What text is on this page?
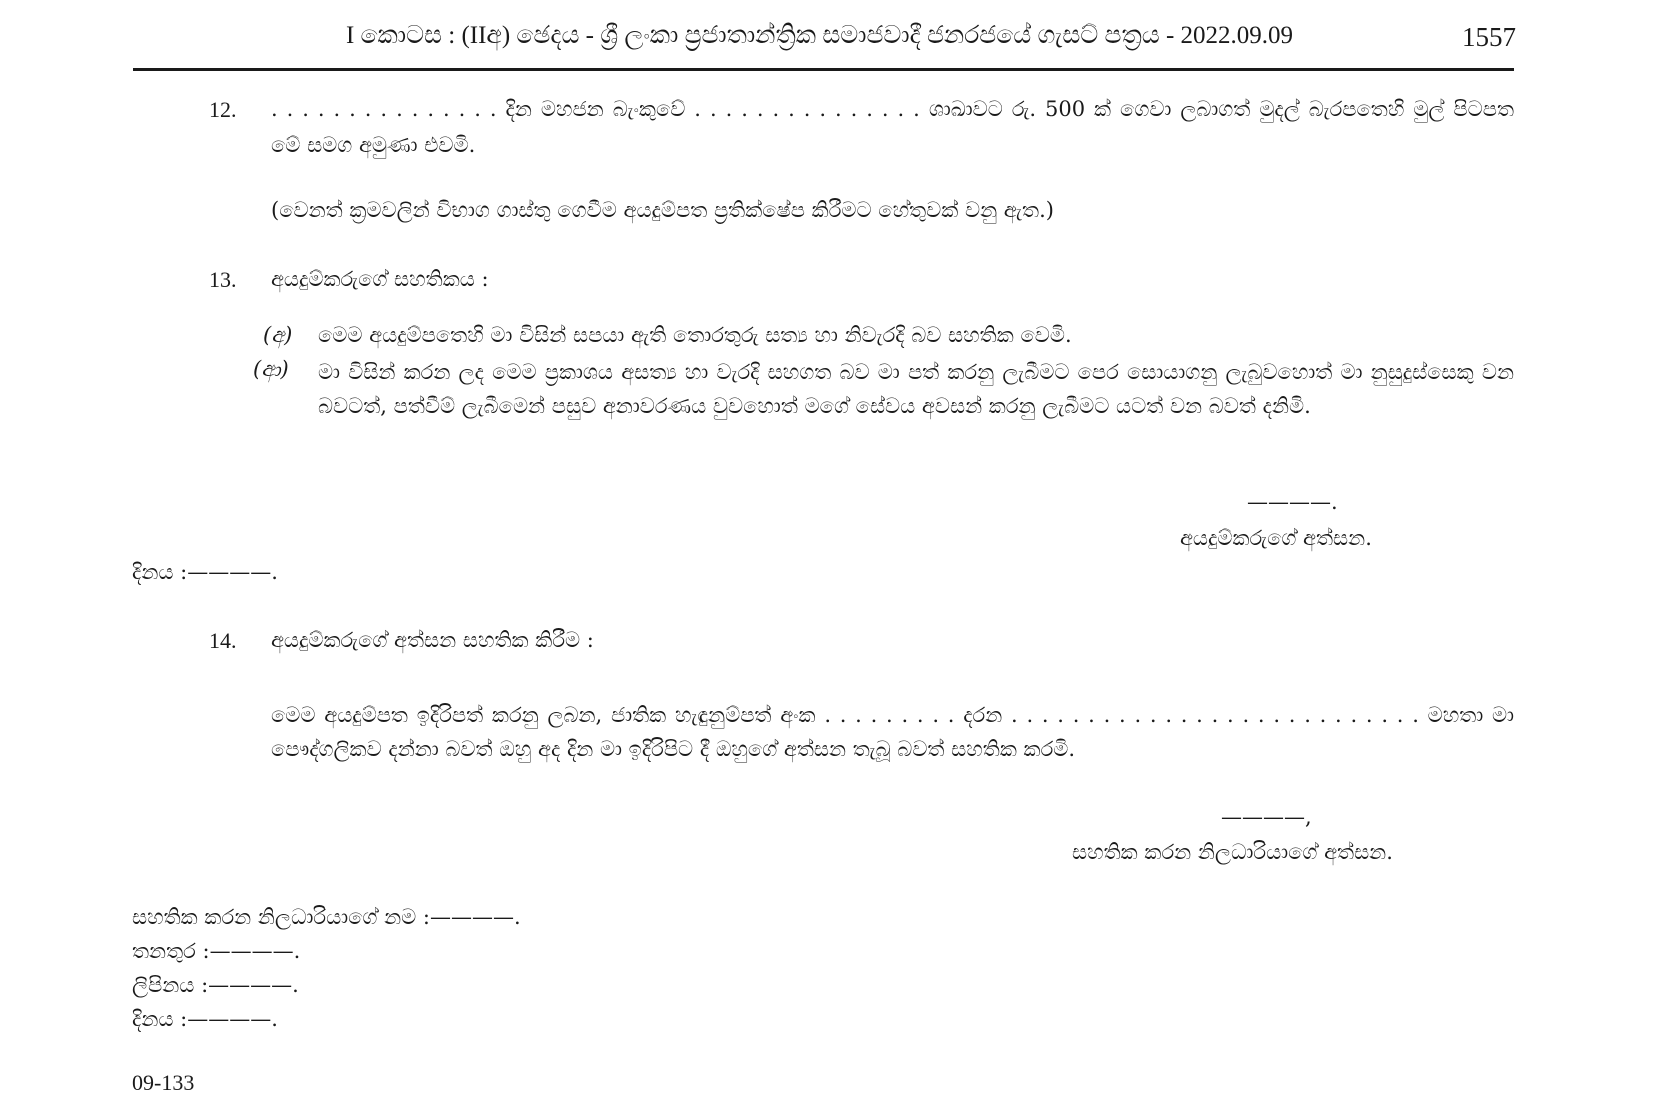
I කොටස : (IIඅ) ඡෙදය - ශ්‍රී ලංකා ප්‍රජාතාන්ත්‍රික සමාජවාදී ජනරජයේ ගැසට් පත්‍රය - 2022.09.09	1557
12. . . . . . . . . . . . . . . . දින මහජන බැංකුවේ . . . . . . . . . . . . . . . ශාඛාවට රු. 500 ක් ගෙවා ලබාගත් මුදල් බැරපතෙහි මුල් පිටපත
මේ සමග අමුණා එවමි.
(වෙනත් ක්‍රමවලින් විභාග ගාස්තු ගෙවීම අයදුම්පත ප්‍රතික්ෂේප කිරීමට හේතුවක් වනු ඇත.)
13. අයදුම්කරුගේ සහතිකය :
(අ) මෙම අයදුම්පතෙහි මා විසින් සපයා ඇති තොරතුරු සත්‍ය හා නිවැරදි බව සහතික වෙමි.
(ආ) මා විසින් කරන ලද මෙම ප්‍රකාශය අසත්‍ය හා වැරදි සහගත බව මා පත් කරනු ලැබීමට පෙර සොයාගනු ලැබුවහොත් මා නුසුදුස්සෙකු වන බවටත්, පත්වීම් ලැබීමෙන් පසුව අනාවරණය වුවහොත් මගේ සේවය අවසන් කරනු ලැබීමට යටත් වන බවත් දනිමි.
————.
අයදුම්කරුගේ අත්සන.
දිනය :————.
14. අයදුම්කරුගේ අත්සන සහතික කිරීම :
මෙම අයදුම්පත ඉදිරිපත් කරනු ලබන, ජාතික හැඳුනුම්පත් අංක . . . . . . . . . දරන . . . . . . . . . . . . . . . . . . . . . . . . . . . මහතා මා පෞද්ගලිකව දන්නා බවත් ඔහු අද දින මා ඉදිරිපිට දී ඔහුගේ අත්සන තැබූ බවත් සහතික කරමි.
————,
සහතික කරන නිලධාරියාගේ අත්සන.
සහතික කරන නිලධාරියාගේ නම :————.
තනතුර :————.
ලිපිනය :————.
දිනය :————.
09-133
